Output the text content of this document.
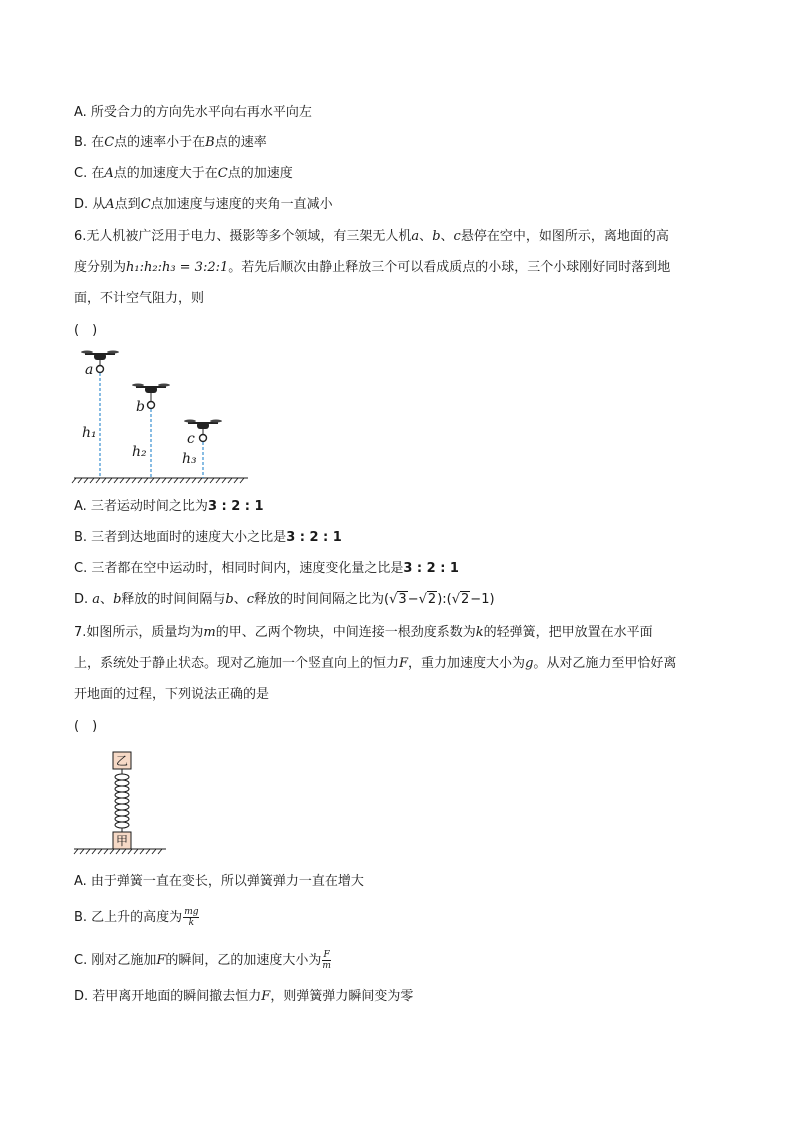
A. 所受合力的方向先水平向右再水平向左
B. 在C点的速率小于在B点的速率
C. 在A点的加速度大于在C点的加速度
D. 从A点到C点加速度与速度的夹角一直减小
6.无人机被广泛用于电力、摄影等多个领域，有三架无人机a、b、c悬停在空中，如图所示，离地面的高
度分别为h₁:h₂:h₃ = 3:2:1。若先后顺次由静止释放三个可以看成质点的小球，三个小球刚好同时落到地
面，不计空气阻力，则
(　)
a
h₁
b
h₂
c
h₃
A. 三者运动时间之比为3 : 2 : 1
B. 三者到达地面时的速度大小之比是3 : 2 : 1
C. 三者都在空中运动时，相同时间内，速度变化量之比是3 : 2 : 1
D. a、b释放的时间间隔与b、c释放的时间间隔之比为(√3−√2):(√2−1)
7.如图所示，质量均为m的甲、乙两个物块，中间连接一根劲度系数为k的轻弹簧，把甲放置在水平面
上，系统处于静止状态。现对乙施加一个竖直向上的恒力F，重力加速度大小为g。从对乙施力至甲恰好离
开地面的过程，下列说法正确的是
(　)
乙
甲
A. 由于弹簧一直在变长，所以弹簧弹力一直在增大
B. 乙上升的高度为 $\frac{mg}{k}$
C. 刚对乙施加F的瞬间，乙的加速度大小为 $\frac{F}{m}$
D. 若甲离开地面的瞬间撤去恒力F，则弹簧弹力瞬间变为零
